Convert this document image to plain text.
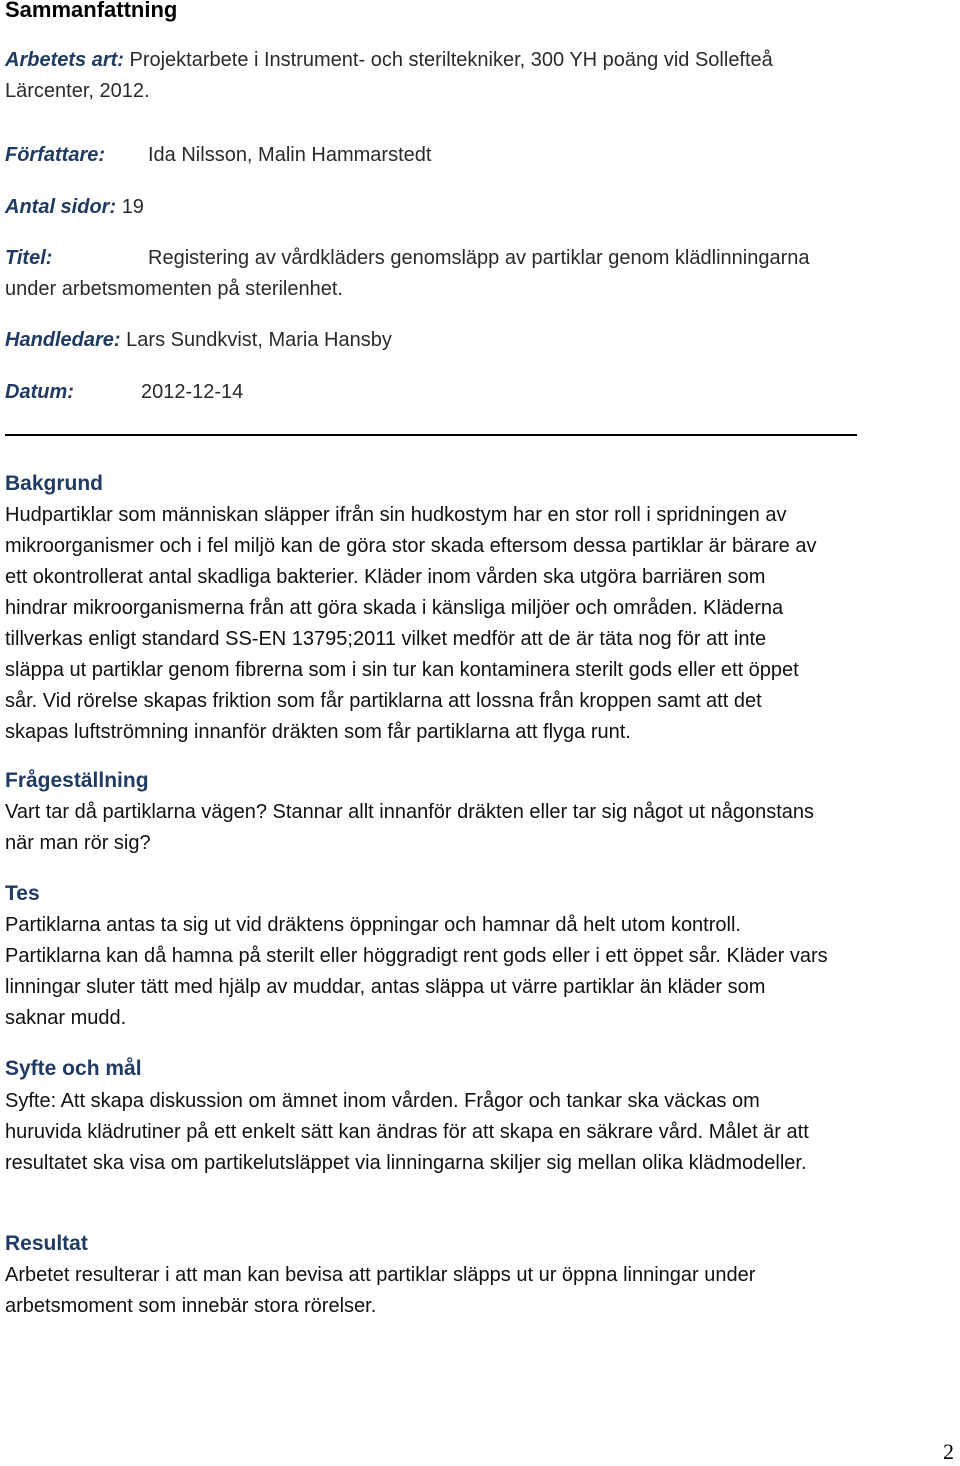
Sammanfattning
Arbetets art: Projektarbete i Instrument- och steriltekniker, 300 YH poäng vid Sollefteå
Lärcenter, 2012.
Författare: Ida Nilsson, Malin Hammarstedt
Antal sidor: 19
Titel:	Registering av vårdkläders genomsläpp av partiklar genom klädlinningarna
under arbetsmomenten på sterilenhet.
Handledare: Lars Sundkvist, Maria Hansby
Datum:	2012-12-14
Bakgrund

Hudpartiklar som människan släpper ifrån sin hudkostym har en stor roll i spridningen av
mikroorganismer och i fel miljö kan de göra stor skada eftersom dessa partiklar är bärare av
ett okontrollerat antal skadliga bakterier. Kläder inom vården ska utgöra barriären som
hindrar mikroorganismerna från att göra skada i känsliga miljöer och områden. Kläderna
tillverkas enligt standard SS-EN 13795;2011 vilket medför att de är täta nog för att inte
släppa ut partiklar genom fibrerna som i sin tur kan kontaminera sterilt gods eller ett öppet
sår. Vid rörelse skapas friktion som får partiklarna att lossna från kroppen samt att det
skapas luftströmning innanför dräkten som får partiklarna att flyga runt.

Frågeställning

Vart tar då partiklarna vägen? Stannar allt innanför dräkten eller tar sig något ut någonstans
när man rör sig?

Tes

Partiklarna antas ta sig ut vid dräktens öppningar och hamnar då helt utom kontroll.
Partiklarna kan då hamna på sterilt eller höggradigt rent gods eller i ett öppet sår. Kläder vars
linningar sluter tätt med hjälp av muddar, antas släppa ut värre partiklar än kläder som
saknar mudd.

Syfte och mål

Syfte: Att skapa diskussion om ämnet inom vården. Frågor och tankar ska väckas om
huruvida klädrutiner på ett enkelt sätt kan ändras för att skapa en säkrare vård. Målet är att
resultatet ska visa om partikelutsläppet via linningarna skiljer sig mellan olika klädmodeller.

Resultat

Arbetet resulterar i att man kan bevisa att partiklar släpps ut ur öppna linningar under
arbetsmoment som innebär stora rörelser.

2
